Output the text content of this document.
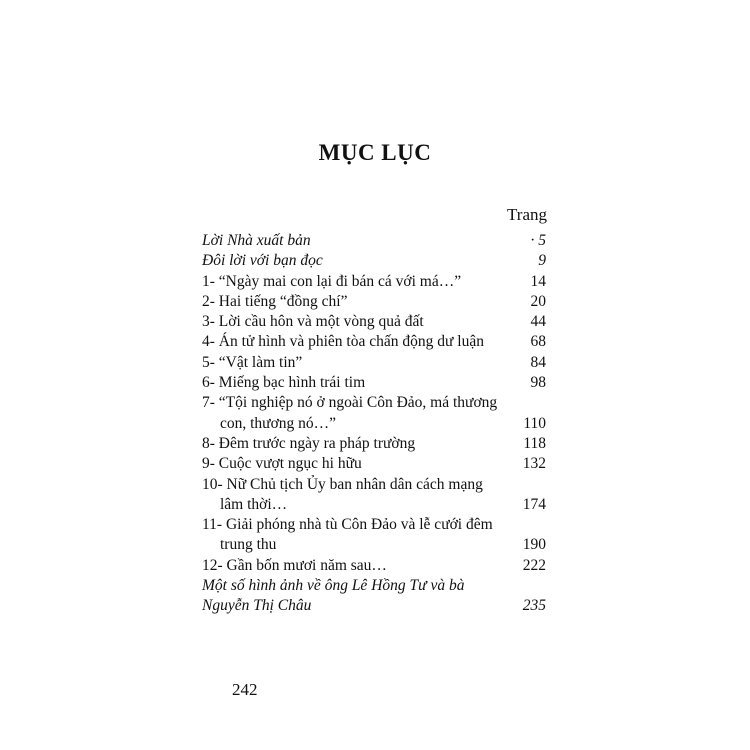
MỤC LỤC
Trang
Lời Nhà xuất bản	· 5
Đôi lời với bạn đọc	9
1- “Ngày mai con lại đi bán cá với má…”	14
2- Hai tiếng “đồng chí”	20
3- Lời cầu hôn và một vòng quả đất	44
4- Án tử hình và phiên tòa chấn động dư luận	68
5- “Vật làm tin”	84
6- Miếng bạc hình trái tim	98
7- “Tội nghiệp nó ở ngoài Côn Đảo, má thương
con, thương nó…”	110
8- Đêm trước ngày ra pháp trường	118
9- Cuộc vượt ngục hi hữu	132
10- Nữ Chủ tịch Ủy ban nhân dân cách mạng
lâm thời…	174
11- Giải phóng nhà tù Côn Đảo và lễ cưới đêm
trung thu	190
12- Gần bốn mươi năm sau…	222
Một số hình ảnh về ông Lê Hồng Tư và bà
Nguyễn Thị Châu	235
242
